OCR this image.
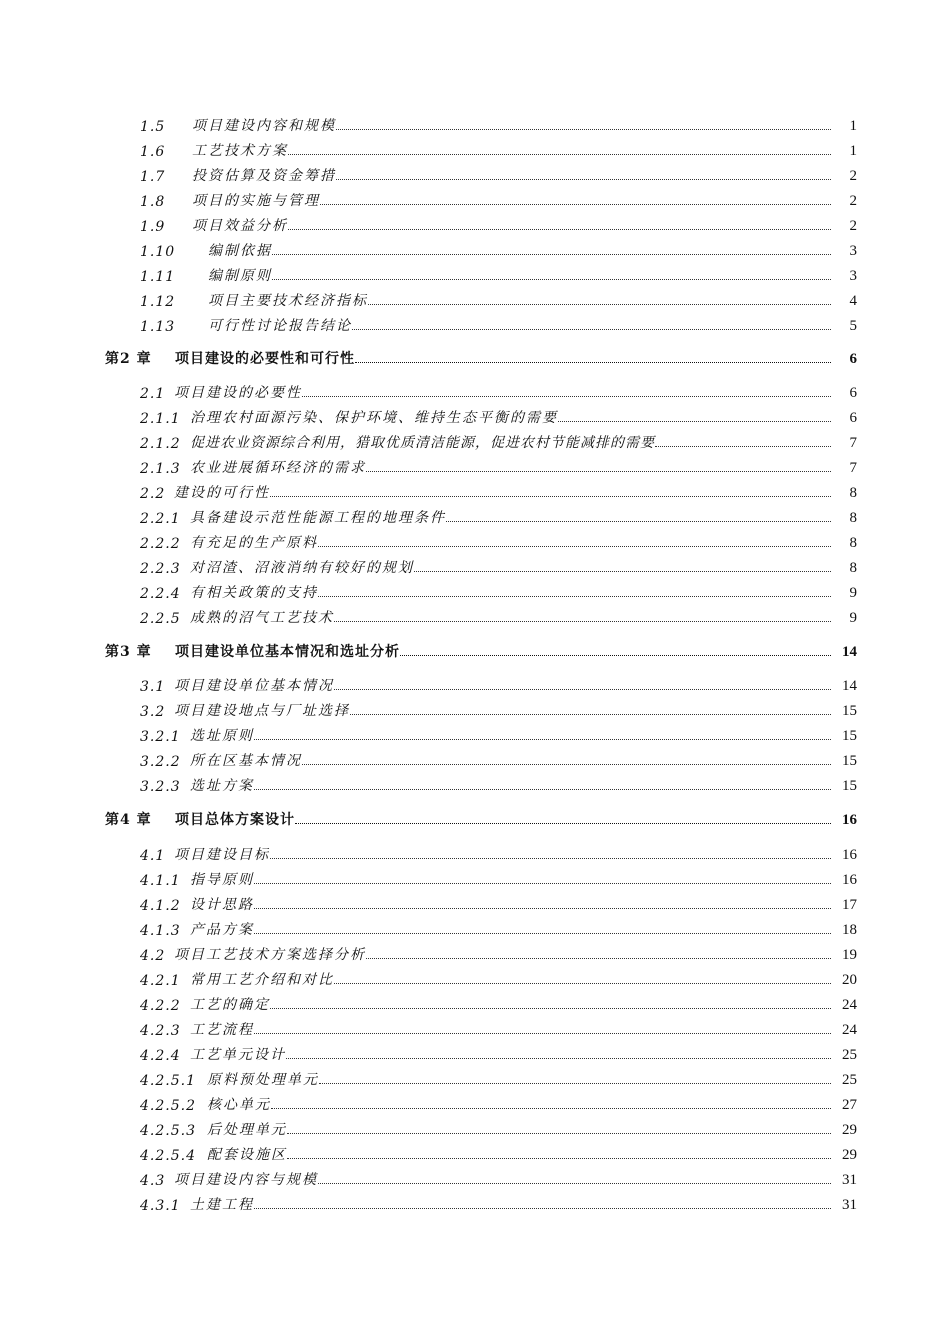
1.5	项目建设内容和规模	1
1.6	工艺技术方案	1
1.7	投资估算及资金筹措	2
1.8	项目的实施与管理	2
1.9	项目效益分析	2
1.10	编制依据	3
1.11	编制原则	3
1.12	项目主要技术经济指标	4
1.13	可行性讨论报告结论	5
第2 章	项目建设的必要性和可行性	6
2.1 项目建设的必要性	6
2.1.1 治理农村面源污染、保护环境、维持生态平衡的需要	6
2.1.2 促进农业资源综合利用，猎取优质清洁能源，促进农村节能减排的需要	7
2.1.3 农业进展循环经济的需求	7
2.2 建设的可行性	8
2.2.1 具备建设示范性能源工程的地理条件	8
2.2.2 有充足的生产原料	8
2.2.3 对沼渣、沼液消纳有较好的规划	8
2.2.4 有相关政策的支持	9
2.2.5 成熟的沼气工艺技术	9
第3 章	项目建设单位基本情况和选址分析	14
3.1 项目建设单位基本情况	14
3.2 项目建设地点与厂址选择	15
3.2.1 选址原则	15
3.2.2 所在区基本情况	15
3.2.3 选址方案	15
第4 章	项目总体方案设计	16
4.1 项目建设目标	16
4.1.1 指导原则	16
4.1.2 设计思路	17
4.1.3 产品方案	18
4.2 项目工艺技术方案选择分析	19
4.2.1 常用工艺介绍和对比	20
4.2.2 工艺的确定	24
4.2.3 工艺流程	24
4.2.4 工艺单元设计	25
4.2.5.1 原料预处理单元	25
4.2.5.2 核心单元	27
4.2.5.3 后处理单元	29
4.2.5.4 配套设施区	29
4.3 项目建设内容与规模	31
4.3.1 土建工程	31
